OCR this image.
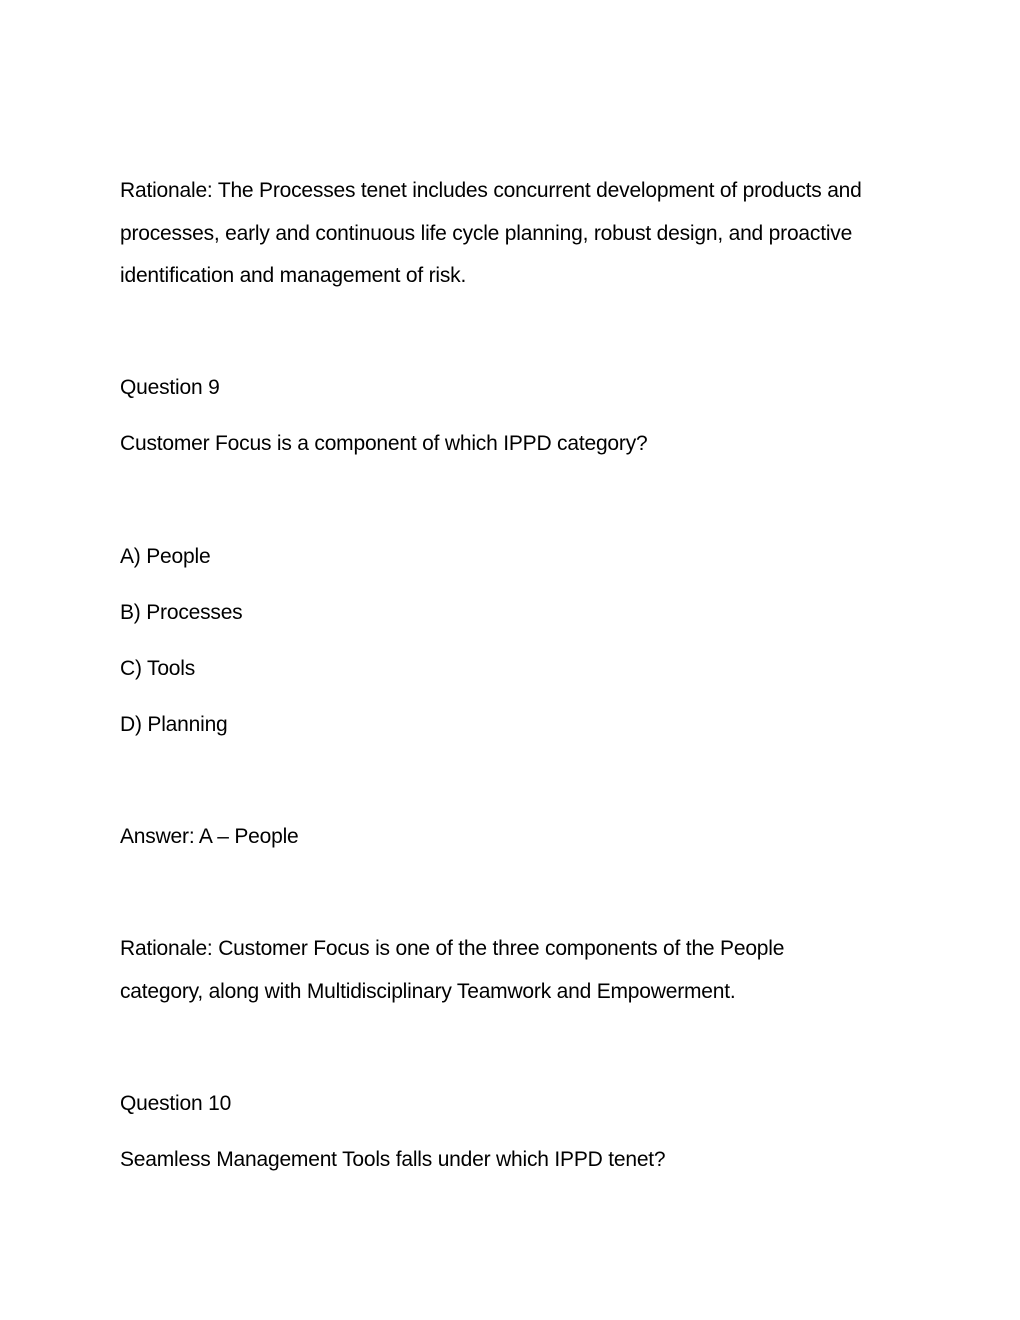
Rationale: The Processes tenet includes concurrent development of products and
processes, early and continuous life cycle planning, robust design, and proactive
identification and management of risk.
Question 9
Customer Focus is a component of which IPPD category?
A) People
B) Processes
C) Tools
D) Planning
Answer: A – People
Rationale: Customer Focus is one of the three components of the People
category, along with Multidisciplinary Teamwork and Empowerment.
Question 10
Seamless Management Tools falls under which IPPD tenet?
